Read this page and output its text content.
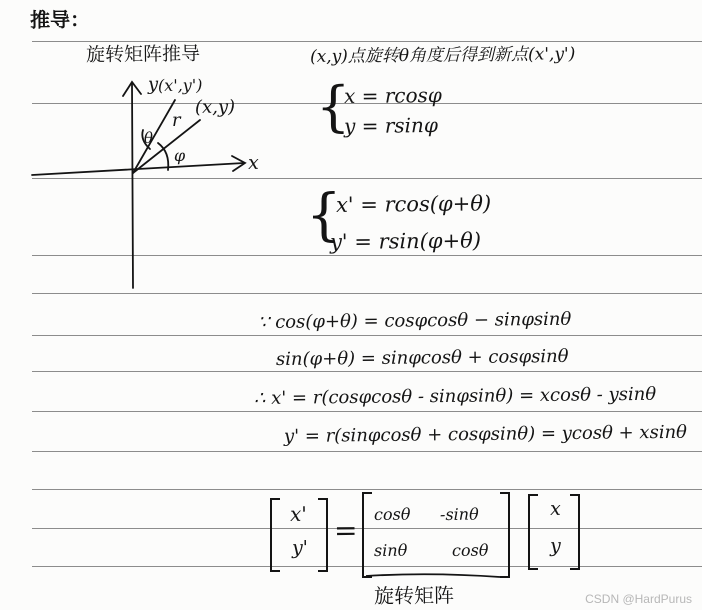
推导：
旋转矩阵推导
y (x',y')
r
(x,y)
θ
φ	x
(x,y)点旋转θ角度后得到新点(x',y')
{
x = rcosφ
y = rsinφ
{
x' = rcos(φ+θ)
y' = rsin(φ+θ)
∵ cos(φ+θ) = cosφcosθ − sinφsinθ
sin(φ+θ) = sinφcosθ + cosφsinθ
∴ x' = r(cosφcosθ - sinφsinθ) = xcosθ - ysinθ
y' = r(sinφcosθ + cosφsinθ) = ycosθ + xsinθ
x'
y'
= cosθ -sinθ
sinθ	cosθ
x
y
旋转矩阵	CSDN @HardPurus
